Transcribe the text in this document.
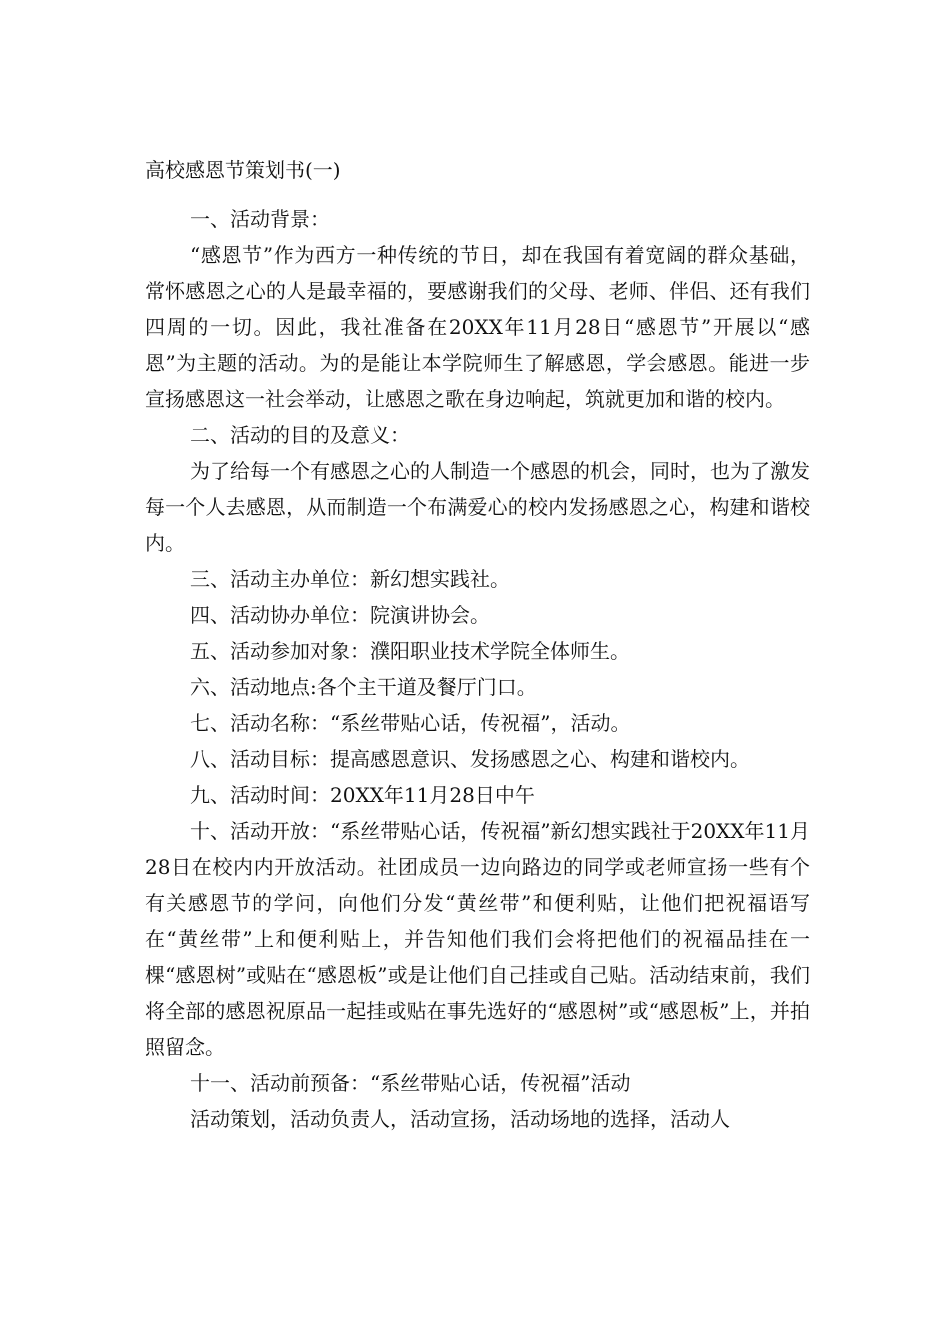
高校感恩节策划书(一)

一、活动背景：

“感恩节”作为西方一种传统的节日，却在我国有着宽阔的群众基础，常怀感恩之心的人是最幸福的，要感谢我们的父母、老师、伴侣、还有我们四周的一切。因此，我社准备在20XX年11月28日“感恩节”开展以“感恩”为主题的活动。为的是能让本学院师生了解感恩，学会感恩。能进一步宣扬感恩这一社会举动，让感恩之歌在身边响起，筑就更加和谐的校内。

二、活动的目的及意义：

为了给每一个有感恩之心的人制造一个感恩的机会，同时，也为了激发每一个人去感恩，从而制造一个布满爱心的校内发扬感恩之心，构建和谐校内。

三、活动主办单位：新幻想实践社。

四、活动协办单位：院演讲协会。

五、活动参加对象：濮阳职业技术学院全体师生。

六、活动地点:各个主干道及餐厅门口。

七、活动名称：“系丝带贴心话，传祝福”，活动。

八、活动目标：提高感恩意识、发扬感恩之心、构建和谐校内。

九、活动时间：20XX年11月28日中午

十、活动开放：“系丝带贴心话，传祝福”新幻想实践社于20XX年11月28日在校内内开放活动。社团成员一边向路边的同学或老师宣扬一些有个有关感恩节的学问，向他们分发“黄丝带”和便利贴，让他们把祝福语写在“黄丝带”上和便利贴上，并告知他们我们会将把他们的祝福品挂在一棵“感恩树”或贴在“感恩板”或是让他们自己挂或自己贴。活动结束前，我们将全部的感恩祝原品一起挂或贴在事先选好的“感恩树”或“感恩板”上，并拍照留念。

十一、活动前预备：“系丝带贴心话，传祝福”活动

活动策划，活动负责人，活动宣扬，活动场地的选择，活动人
